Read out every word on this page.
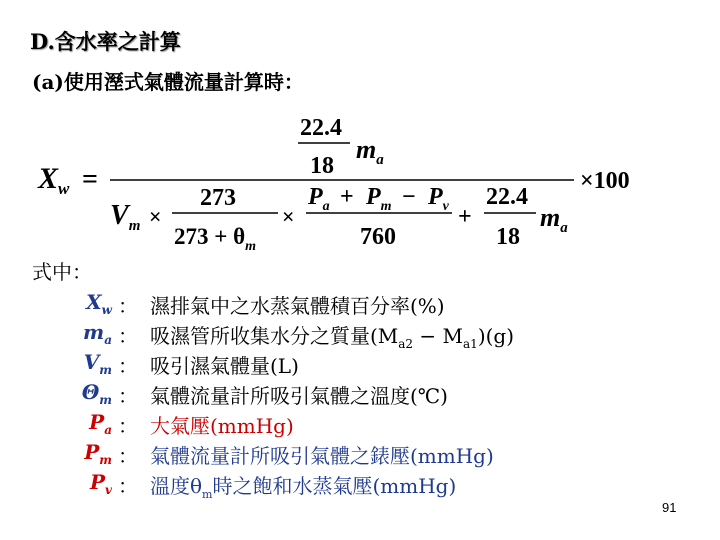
D.含水率之計算
(a)使用溼式氣體流量計算時：
$X_w$ =
22.4
18
$m_a$
×100
$V_m$ ×
273
$273 + \theta_m$
×
$P_a + P_m - P_v$
760
+
22.4
18
$m_a$
式中：
$X_w$ ： 濕排氣中之水蒸氣體積百分率(%)
$m_a$ ： 吸濕管所收集水分之質量$(M_{a2} - M_{a1})(g)$
$V_m$ ： 吸引濕氣體量(L)
$\Theta_m$ ： 氣體流量計所吸引氣體之溫度(℃)
$P_a$ ： 大氣壓(mmHg)
$P_m$ ： 氣體流量計所吸引氣體之錶壓(mmHg)
$P_v$ ： 溫度$\theta_m$時之飽和水蒸氣壓(mmHg)
91
